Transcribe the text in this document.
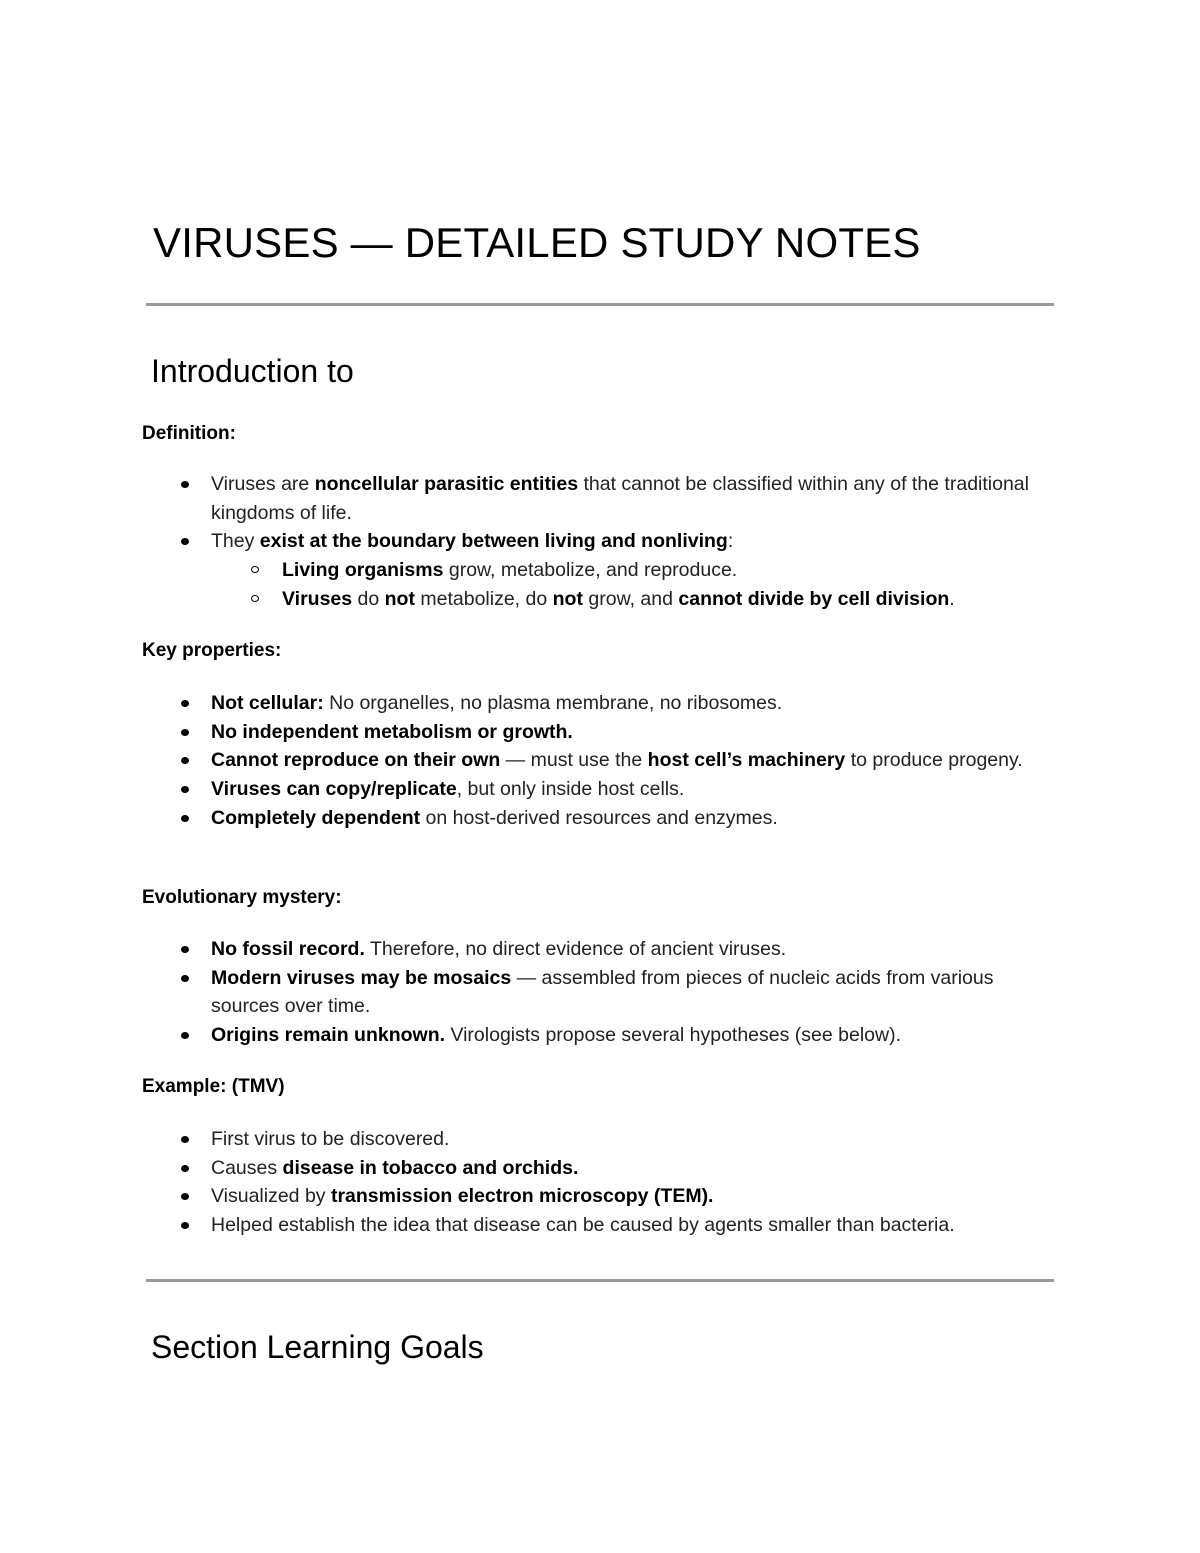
VIRUSES — DETAILED STUDY NOTES
Introduction to

Definition:

Viruses are noncellular parasitic entities that cannot be classified within any of the traditional kingdoms of life.
They exist at the boundary between living and nonliving:
Living organisms grow, metabolize, and reproduce.
Viruses do not metabolize, do not grow, and cannot divide by cell division.

Key properties:

Not cellular: No organelles, no plasma membrane, no ribosomes.
No independent metabolism or growth.
Cannot reproduce on their own — must use the host cell’s machinery to produce progeny.
Viruses can copy/replicate, but only inside host cells.
Completely dependent on host-derived resources and enzymes.

Evolutionary mystery:

No fossil record. Therefore, no direct evidence of ancient viruses.
Modern viruses may be mosaics — assembled from pieces of nucleic acids from various sources over time.
Origins remain unknown. Virologists propose several hypotheses (see below).

Example: (TMV)

First virus to be discovered.
Causes disease in tobacco and orchids.
Visualized by transmission electron microscopy (TEM).
Helped establish the idea that disease can be caused by agents smaller than bacteria.
Section Learning Goals
